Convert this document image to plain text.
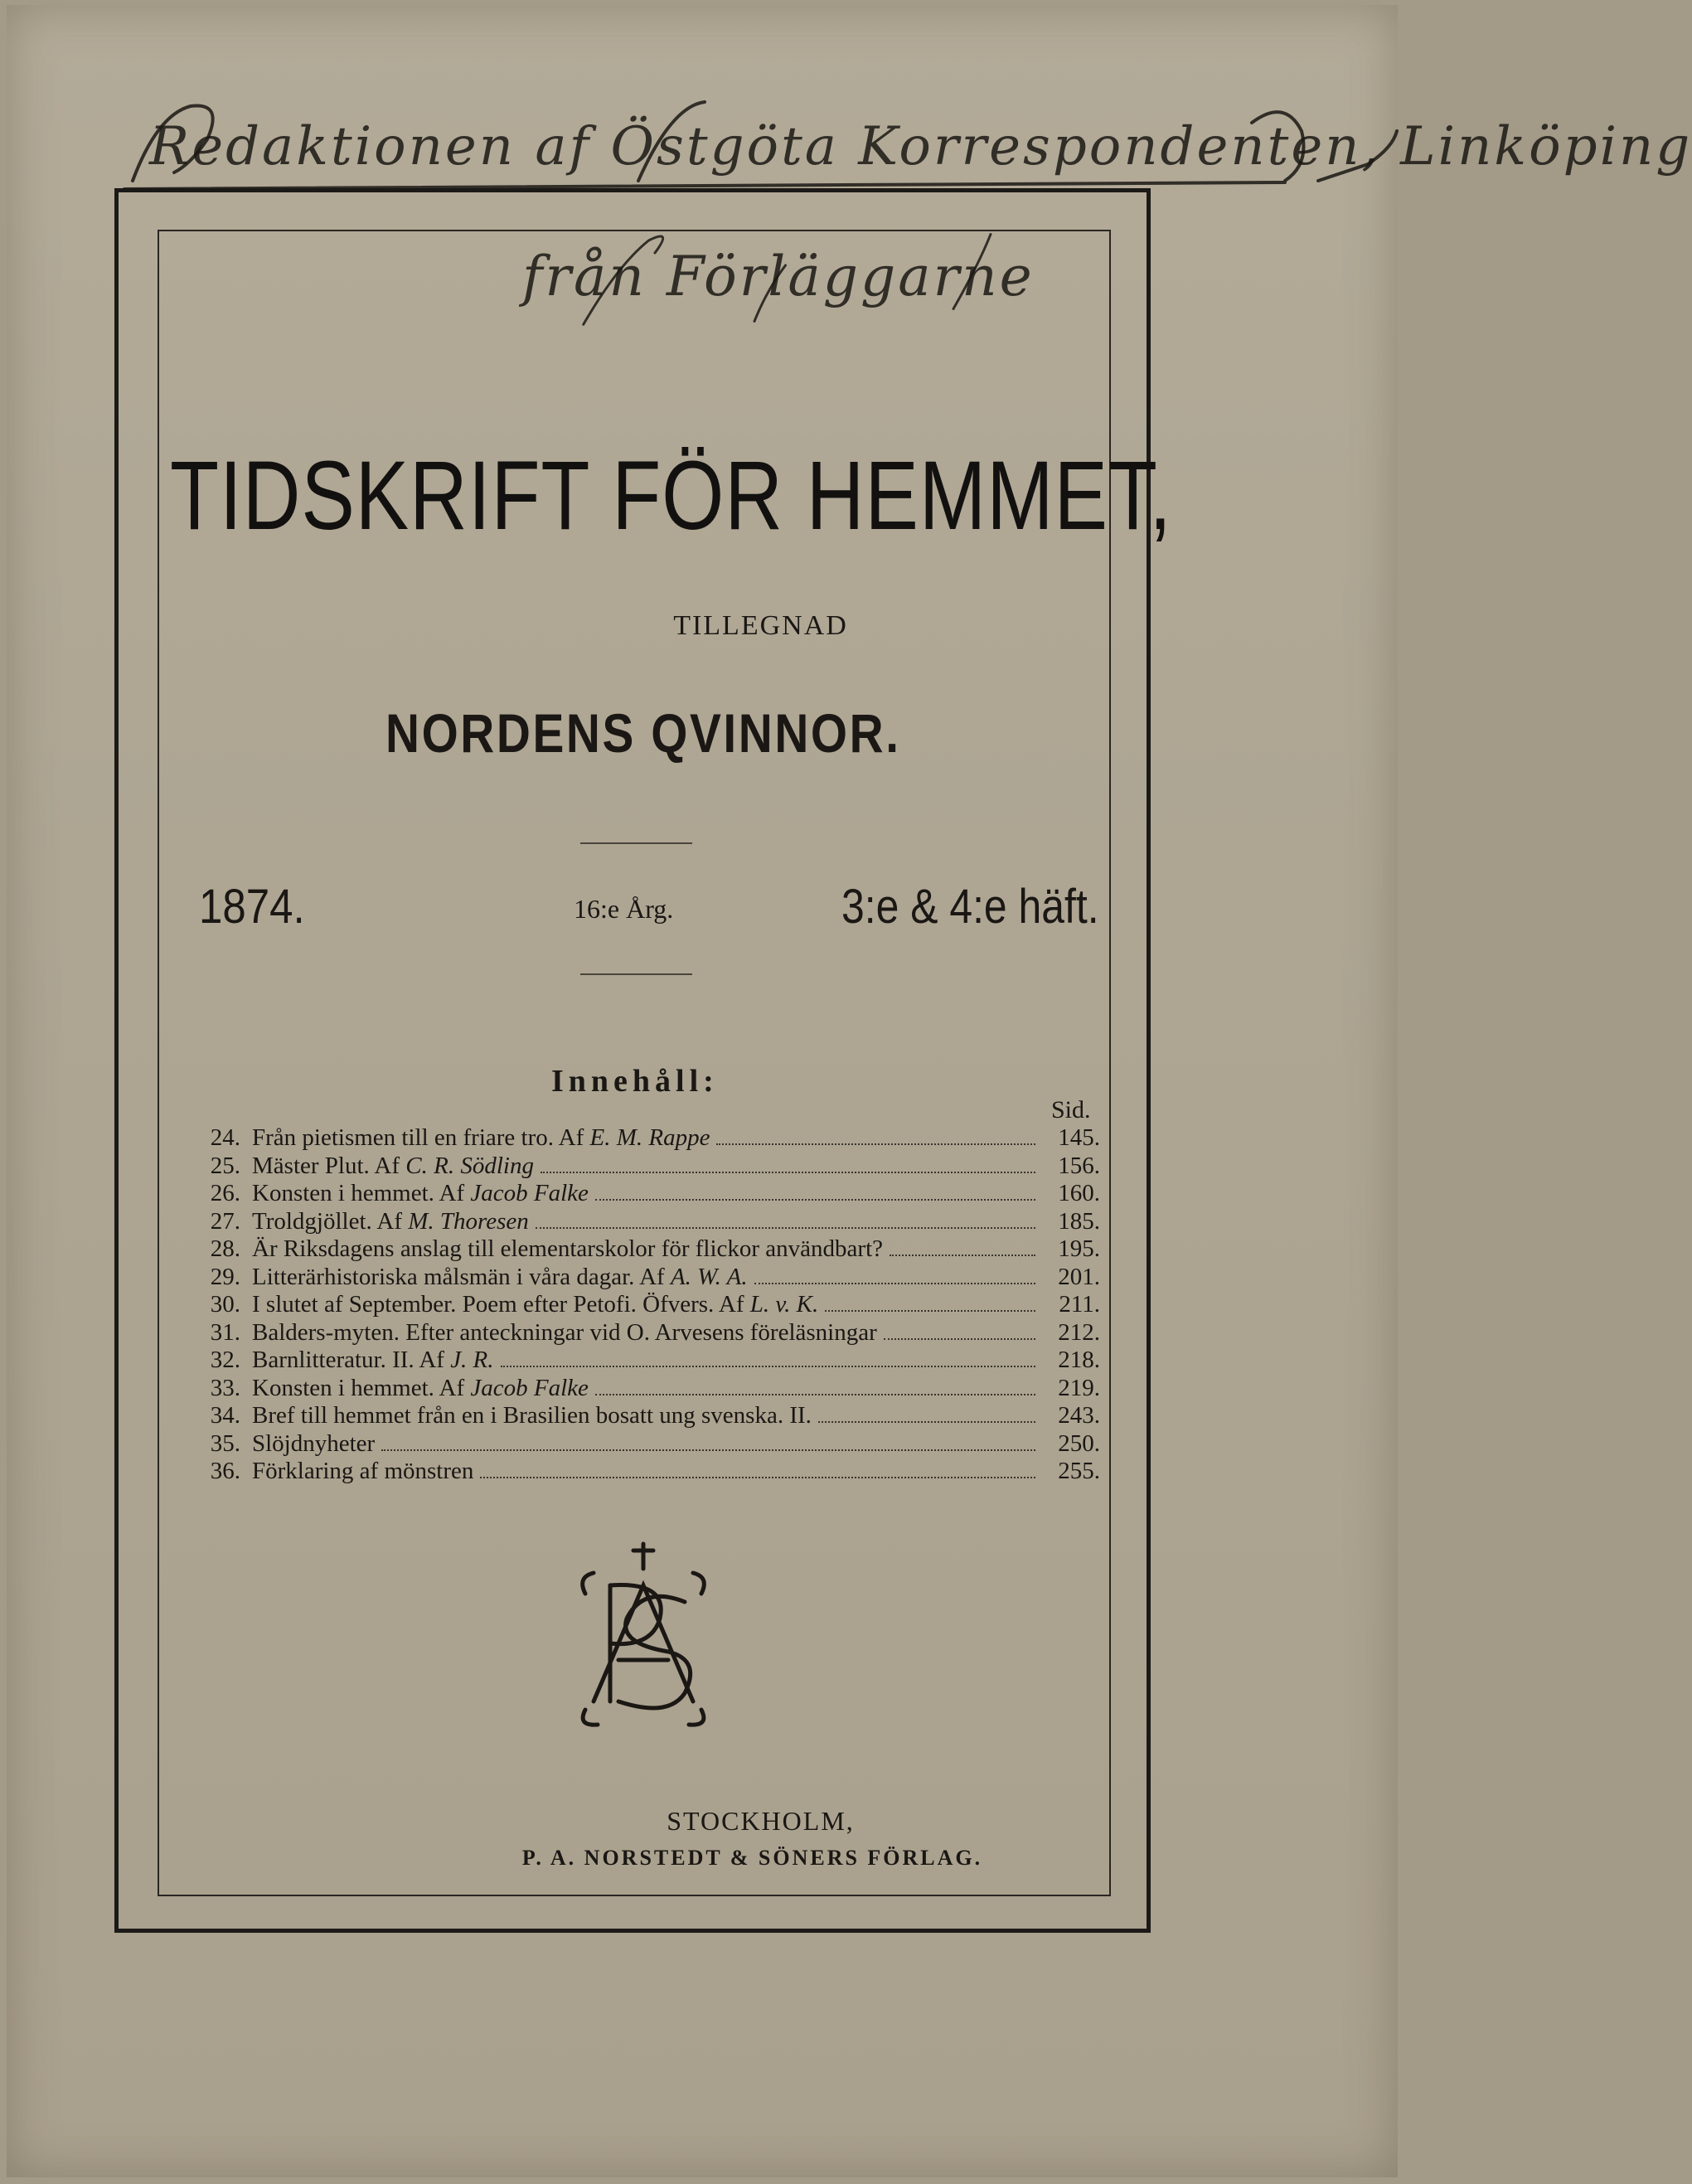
Redaktionen af Östgöta Korrespondenten, Linköping
från Förläggarne
TIDSKRIFT FÖR HEMMET,
TILLEGNAD
NORDENS QVINNOR.
1874.	16:e Årg.	3:e & 4:e häft.
Innehåll:
Sid.
24. Från pietismen till en friare tro. Af E. M. Rappe	145.
25. Mäster Plut. Af C. R. Södling	156.
26. Konsten i hemmet. Af Jacob Falke	160.
27. Troldgjöllet. Af M. Thoresen	185.
28. Är Riksdagens anslag till elementarskolor för flickor användbart?	195.
29. Litterärhistoriska målsmän i våra dagar. Af A. W. A.	201.
30. I slutet af September. Poem efter Petofi. Öfvers. Af L. v. K.	211.
31. Balders-myten. Efter anteckningar vid O. Arvesens föreläsningar	212.
32. Barnlitteratur. II. Af J. R.	218.
33. Konsten i hemmet. Af Jacob Falke	219.
34. Bref till hemmet från en i Brasilien bosatt ung svenska. II.	243.
35. Slöjdnyheter	250.
36. Förklaring af mönstren	255.
P A N S
STOCKHOLM,
P. A. NORSTEDT & SÖNERS FÖRLAG.
